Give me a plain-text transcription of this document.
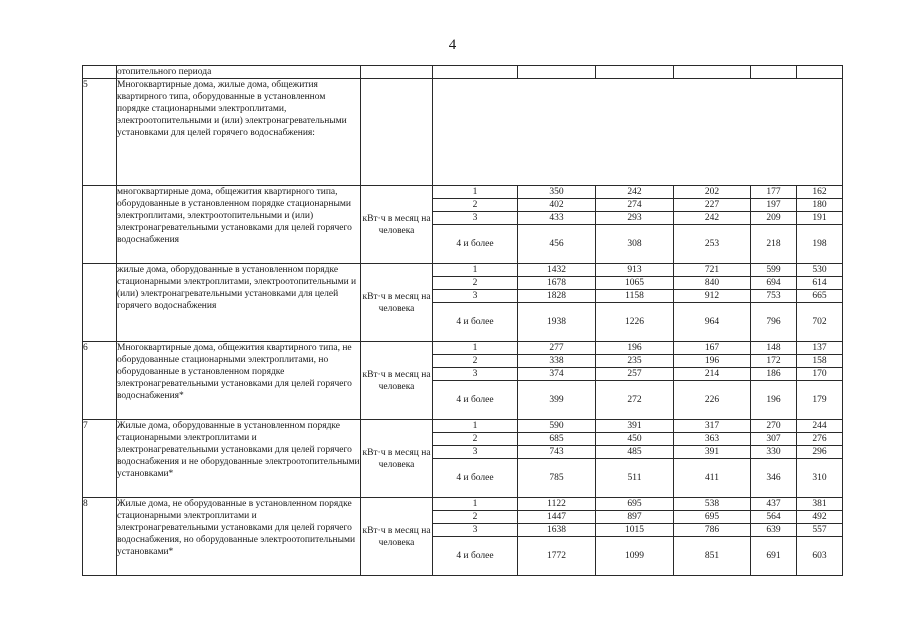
4
	отопительного периода							
5	Многоквартирные дома, жилые дома, общежития квартирного типа, оборудованные в установленном порядке стационарными электроплитами, электроотопительными и (или) электронагревательными установками для целей горячего водоснабжения:							
	многоквартирные дома, общежития квартирного типа, оборудованные в установленном порядке стационарными электроплитами, электроотопительными и (или) электронагревательными установками для целей горячего водоснабжения	кВт·ч в месяц на человека	1	350	242	202	177	162
			2	402	274	227	197	180
			3	433	293	242	209	191
			4 и более	456	308	253	218	198
	жилые дома, оборудованные в установленном порядке стационарными электроплитами, электроотопительными и (или) электронагревательными установками для целей горячего водоснабжения	кВт·ч в месяц на человека	1	1432	913	721	599	530
			2	1678	1065	840	694	614
			3	1828	1158	912	753	665
			4 и более	1938	1226	964	796	702
6	Многоквартирные дома, общежития квартирного типа, не оборудованные стационарными электроплитами, но оборудованные в установленном порядке электронагревательными установками для целей горячего водоснабжения*	кВт·ч в месяц на человека	1	277	196	167	148	137
			2	338	235	196	172	158
			3	374	257	214	186	170
			4 и более	399	272	226	196	179
7	Жилые дома, оборудованные в установленном порядке стационарными электроплитами и электронагревательными установками для целей горячего водоснабжения и не оборудованные электроотопительными установками*	кВт·ч в месяц на человека	1	590	391	317	270	244
			2	685	450	363	307	276
			3	743	485	391	330	296
			4 и более	785	511	411	346	310
8	Жилые дома, не оборудованные в установленном порядке стационарными электроплитами и электронагревательными установками для целей горячего водоснабжения, но оборудованные электроотопительными установками*	кВт·ч в месяц на человека	1	1122	695	538	437	381
			2	1447	897	695	564	492
			3	1638	1015	786	639	557
			4 и более	1772	1099	851	691	603
